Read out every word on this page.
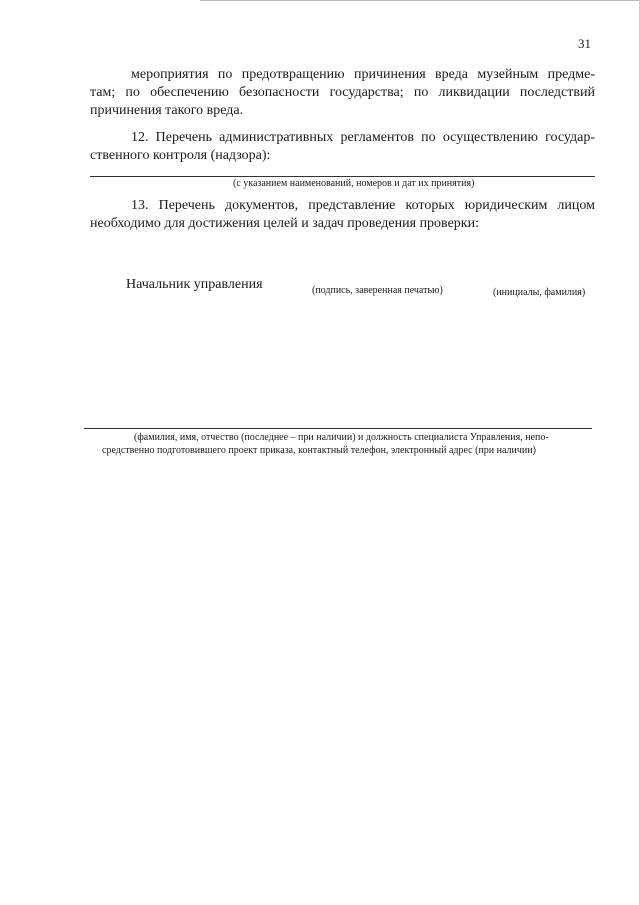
31
мероприятия по предотвращению причинения вреда музейным предме-
там; по обеспечению безопасности государства; по ликвидации последствий
причинения такого вреда.
12. Перечень административных регламентов по осуществлению государ-
ственного контроля (надзора):
(с указанием наименований, номеров и дат их принятия)
13. Перечень документов, представление которых юридическим лицом
необходимо для достижения целей и задач проведения проверки:
Начальник управления	(подпись, заверенная печатью)	(инициалы, фамилия)
(фамилия, имя, отчество (последнее – при наличии) и должность специалиста Управления, непо-
средственно подготовившего проект приказа, контактный телефон, электронный адрес (при наличии)
